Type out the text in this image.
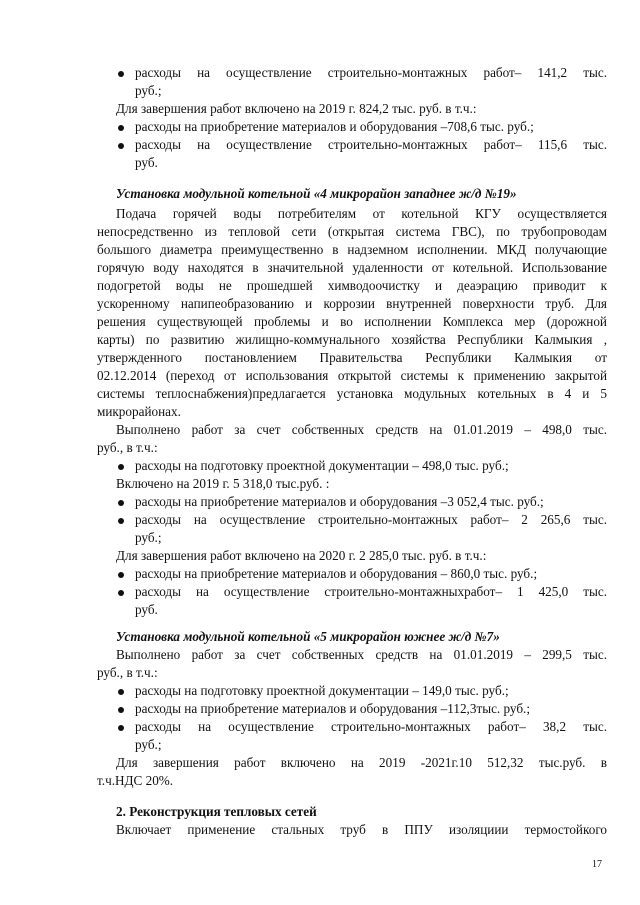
расходы на осуществление строительно-монтажных работ– 141,2 тыс.
руб.;
Для завершения работ включено на 2019 г. 824,2 тыс. руб. в т.ч.:
расходы на приобретение материалов и оборудования –708,6 тыс. руб.;
расходы на осуществление строительно-монтажных работ– 115,6 тыс.
руб.
Установка модульной котельной «4 микрорайон западнее ж/д №19»
Подача горячей воды потребителям от котельной КГУ осуществляется
непосредственно из тепловой сети (открытая система ГВС), по трубопроводам
большого диаметра преимущественно в надземном исполнении. МКД получающие
горячую воду находятся в значительной удаленности от котельной. Использование
подогретой воды не прошедшей химводоочистку и деаэрацию приводит к
ускоренному напипеобразованию и коррозии внутренней поверхности труб. Для
решения существующей проблемы и во исполнении Комплекса мер (дорожной
карты) по развитию жилищно-коммунального хозяйства Республики Калмыкия ,
утвержденного постановлением Правительства Республики Калмыкия от
02.12.2014 (переход от использования открытой системы к применению закрытой
системы теплоснабжения)предлагается установка модульных котельных в 4 и 5
микрорайонах.
Выполнено работ за счет собственных средств на 01.01.2019 – 498,0 тыс.
руб., в т.ч.:
расходы на подготовку проектной документации – 498,0 тыс. руб.;
Включено на 2019 г. 5 318,0 тыс.руб. :
расходы на приобретение материалов и оборудования –3 052,4 тыс. руб.;
расходы на осуществление строительно-монтажных работ– 2 265,6 тыс.
руб.;
Для завершения работ включено на 2020 г. 2 285,0 тыс. руб. в т.ч.:
расходы на приобретение материалов и оборудования – 860,0 тыс. руб.;
расходы на осуществление строительно-монтажныхработ– 1 425,0 тыс.
руб.
Установка модульной котельной «5 микрорайон южнее ж/д №7»
Выполнено работ за счет собственных средств на 01.01.2019 – 299,5 тыс.
руб., в т.ч.:
расходы на подготовку проектной документации – 149,0 тыс. руб.;
расходы на приобретение материалов и оборудования –112,3тыс. руб.;
расходы на осуществление строительно-монтажных работ– 38,2 тыс.
руб.;
Для завершения работ включено на 2019 -2021г.10 512,32 тыс.руб. в
т.ч.НДС 20%.
2. Реконструкция тепловых сетей
Включает применение стальных труб в ППУ изоляциии термостойкого
17
